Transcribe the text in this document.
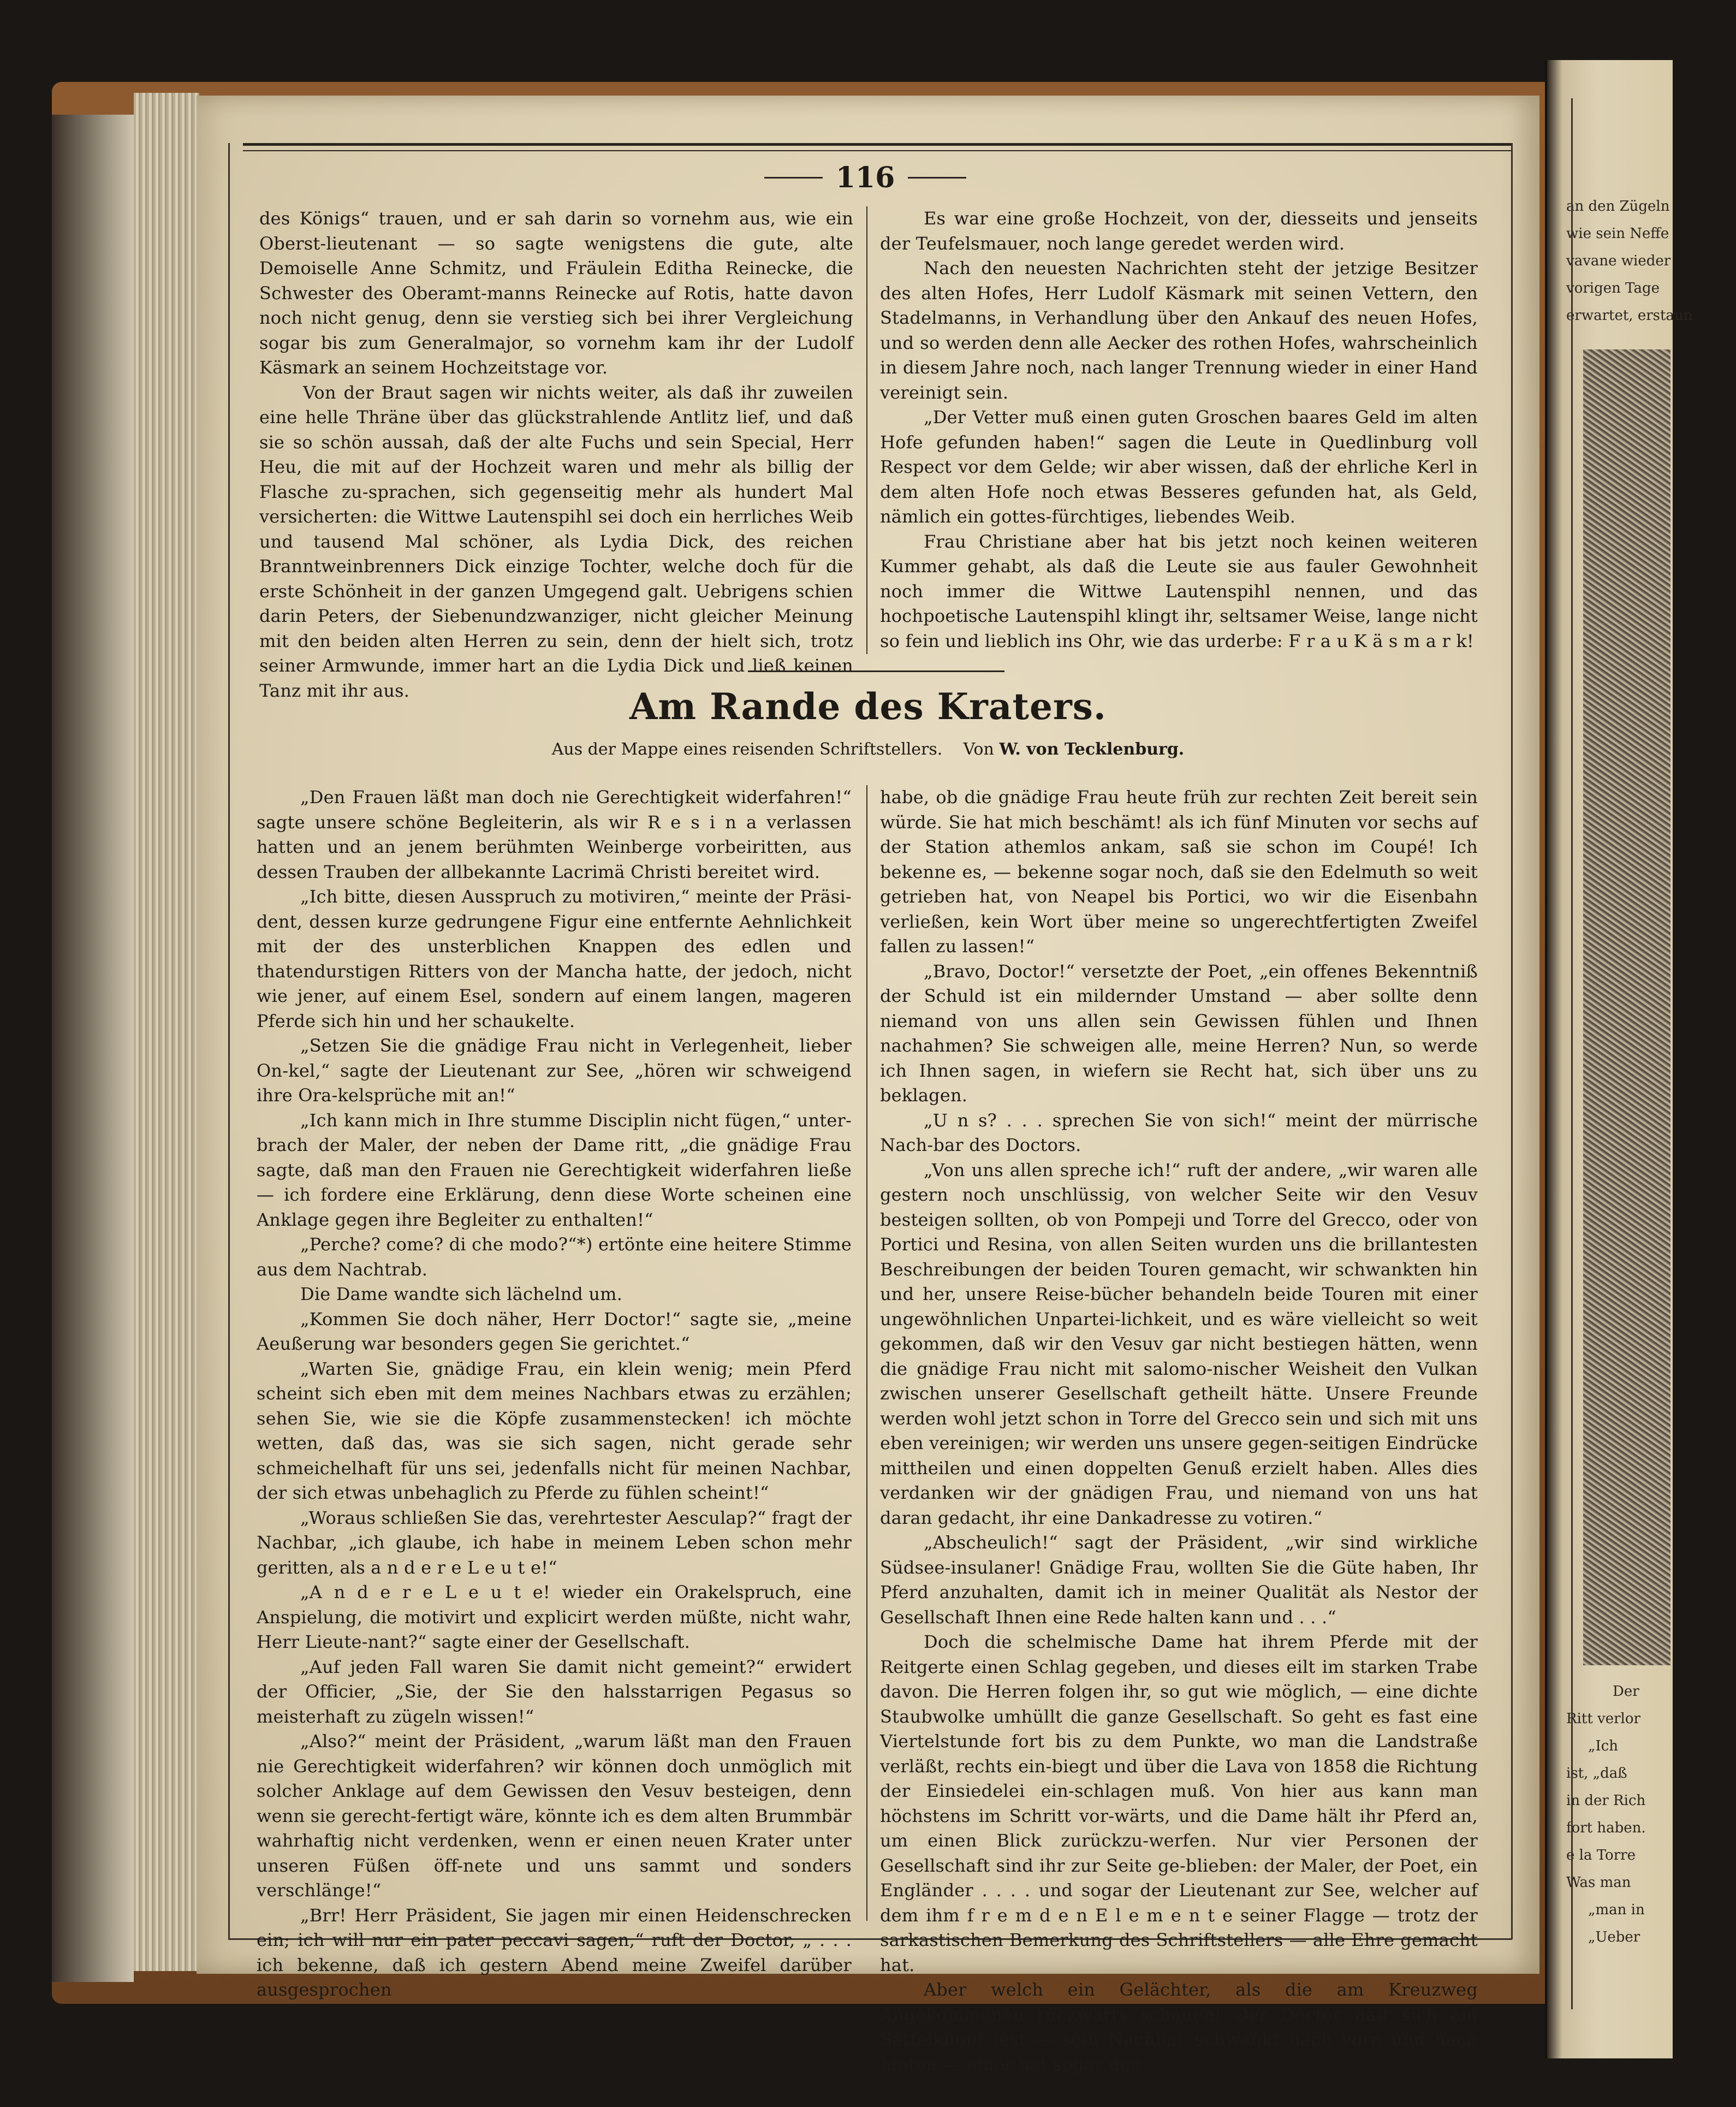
116

des Königs“ trauen, und er sah darin so vornehm aus, wie ein Oberst-lieutenant — so sagte wenigstens die gute, alte Demoiselle Anne Schmitz, und Fräulein Editha Reinecke, die Schwester des Oberamt-manns Reinecke auf Rotis, hatte davon noch nicht genug, denn sie verstieg sich bei ihrer Vergleichung sogar bis zum Generalmajor, so vornehm kam ihr der Ludolf Käsmark an seinem Hochzeitstage vor.

Von der Braut sagen wir nichts weiter, als daß ihr zuweilen eine helle Thräne über das glückstrahlende Antlitz lief, und daß sie so schön aussah, daß der alte Fuchs und sein Special, Herr Heu, die mit auf der Hochzeit waren und mehr als billig der Flasche zu-sprachen, sich gegenseitig mehr als hundert Mal versicherten: die Wittwe Lautenspihl sei doch ein herrliches Weib und tausend Mal schöner, als Lydia Dick, des reichen Branntweinbrenners Dick einzige Tochter, welche doch für die erste Schönheit in der ganzen Umgegend galt. Uebrigens schien darin Peters, der Siebenundzwanziger, nicht gleicher Meinung mit den beiden alten Herren zu sein, denn der hielt sich, trotz seiner Armwunde, immer hart an die Lydia Dick und ließ keinen Tanz mit ihr aus.

Es war eine große Hochzeit, von der, diesseits und jenseits der Teufelsmauer, noch lange geredet werden wird.

Nach den neuesten Nachrichten steht der jetzige Besitzer des alten Hofes, Herr Ludolf Käsmark mit seinen Vettern, den Stadelmanns, in Verhandlung über den Ankauf des neuen Hofes, und so werden denn alle Aecker des rothen Hofes, wahrscheinlich in diesem Jahre noch, nach langer Trennung wieder in einer Hand vereinigt sein.

„Der Vetter muß einen guten Groschen baares Geld im alten Hofe gefunden haben!“ sagen die Leute in Quedlinburg voll Respect vor dem Gelde; wir aber wissen, daß der ehrliche Kerl in dem alten Hofe noch etwas Besseres gefunden hat, als Geld, nämlich ein gottes-fürchtiges, liebendes Weib.

Frau Christiane aber hat bis jetzt noch keinen weiteren Kummer gehabt, als daß die Leute sie aus fauler Gewohnheit noch immer die Wittwe Lautenspihl nennen, und das hochpoetische Lautenspihl klingt ihr, seltsamer Weise, lange nicht so fein und lieblich ins Ohr, wie das urderbe: F r a u K ä s m a r k!

Am Rande des Kraters.
Aus der Mappe eines reisenden Schriftstellers. Von W. von Tecklenburg.

„Den Frauen läßt man doch nie Gerechtigkeit widerfahren!“ sagte unsere schöne Begleiterin, als wir R e s i n a verlassen hatten und an jenem berühmten Weinberge vorbeiritten, aus dessen Trauben der allbekannte Lacrimä Christi bereitet wird.

„Ich bitte, diesen Ausspruch zu motiviren,“ meinte der Präsi-dent, dessen kurze gedrungene Figur eine entfernte Aehnlichkeit mit der des unsterblichen Knappen des edlen und thatendurstigen Ritters von der Mancha hatte, der jedoch, nicht wie jener, auf einem Esel, sondern auf einem langen, mageren Pferde sich hin und her schaukelte.

„Setzen Sie die gnädige Frau nicht in Verlegenheit, lieber On-kel,“ sagte der Lieutenant zur See, „hören wir schweigend ihre Ora-kelsprüche mit an!“

„Ich kann mich in Ihre stumme Disciplin nicht fügen,“ unter-brach der Maler, der neben der Dame ritt, „die gnädige Frau sagte, daß man den Frauen nie Gerechtigkeit widerfahren ließe — ich fordere eine Erklärung, denn diese Worte scheinen eine Anklage gegen ihre Begleiter zu enthalten!“

„Perche? come? di che modo?“*) ertönte eine heitere Stimme aus dem Nachtrab.

Die Dame wandte sich lächelnd um.

„Kommen Sie doch näher, Herr Doctor!“ sagte sie, „meine Aeußerung war besonders gegen Sie gerichtet.“

„Warten Sie, gnädige Frau, ein klein wenig; mein Pferd scheint sich eben mit dem meines Nachbars etwas zu erzählen; sehen Sie, wie sie die Köpfe zusammenstecken! ich möchte wetten, daß das, was sie sich sagen, nicht gerade sehr schmeichelhaft für uns sei, jedenfalls nicht für meinen Nachbar, der sich etwas unbehaglich zu Pferde zu fühlen scheint!“

„Woraus schließen Sie das, verehrtester Aesculap?“ fragt der Nachbar, „ich glaube, ich habe in meinem Leben schon mehr geritten, als a n d e r e L e u t e!“

„A n d e r e L e u t e! wieder ein Orakelspruch, eine Anspielung, die motivirt und explicirt werden müßte, nicht wahr, Herr Lieute-nant?“ sagte einer der Gesellschaft.

„Auf jeden Fall waren Sie damit nicht gemeint?“ erwidert der Officier, „Sie, der Sie den halsstarrigen Pegasus so meisterhaft zu zügeln wissen!“

„Also?“ meint der Präsident, „warum läßt man den Frauen nie Gerechtigkeit widerfahren? wir können doch unmöglich mit solcher Anklage auf dem Gewissen den Vesuv besteigen, denn wenn sie gerecht-fertigt wäre, könnte ich es dem alten Brummbär wahrhaftig nicht verdenken, wenn er einen neuen Krater unter unseren Füßen öff-nete und uns sammt und sonders verschlänge!“

„Brr! Herr Präsident, Sie jagen mir einen Heidenschrecken ein; ich will nur ein pater peccavi sagen,“ ruft der Doctor, „ . . . ich bekenne, daß ich gestern Abend meine Zweifel darüber ausgesprochen

habe, ob die gnädige Frau heute früh zur rechten Zeit bereit sein würde. Sie hat mich beschämt! als ich fünf Minuten vor sechs auf der Station athemlos ankam, saß sie schon im Coupé! Ich bekenne es, — bekenne sogar noch, daß sie den Edelmuth so weit getrieben hat, von Neapel bis Portici, wo wir die Eisenbahn verließen, kein Wort über meine so ungerechtfertigten Zweifel fallen zu lassen!“

„Bravo, Doctor!“ versetzte der Poet, „ein offenes Bekenntniß der Schuld ist ein mildernder Umstand — aber sollte denn niemand von uns allen sein Gewissen fühlen und Ihnen nachahmen? Sie schweigen alle, meine Herren? Nun, so werde ich Ihnen sagen, in wiefern sie Recht hat, sich über uns zu beklagen.

„U n s? . . . sprechen Sie von sich!“ meint der mürrische Nach-bar des Doctors.

„Von uns allen spreche ich!“ ruft der andere, „wir waren alle gestern noch unschlüssig, von welcher Seite wir den Vesuv besteigen sollten, ob von Pompeji und Torre del Grecco, oder von Portici und Resina, von allen Seiten wurden uns die brillantesten Beschreibungen der beiden Touren gemacht, wir schwankten hin und her, unsere Reise-bücher behandeln beide Touren mit einer ungewöhnlichen Unpartei-lichkeit, und es wäre vielleicht so weit gekommen, daß wir den Vesuv gar nicht bestiegen hätten, wenn die gnädige Frau nicht mit salomo-nischer Weisheit den Vulkan zwischen unserer Gesellschaft getheilt hätte. Unsere Freunde werden wohl jetzt schon in Torre del Grecco sein und sich mit uns eben vereinigen; wir werden uns unsere gegen-seitigen Eindrücke mittheilen und einen doppelten Genuß erzielt haben. Alles dies verdanken wir der gnädigen Frau, und niemand von uns hat daran gedacht, ihr eine Dankadresse zu votiren.“

„Abscheulich!“ sagt der Präsident, „wir sind wirkliche Südsee-insulaner! Gnädige Frau, wollten Sie die Güte haben, Ihr Pferd anzuhalten, damit ich in meiner Qualität als Nestor der Gesellschaft Ihnen eine Rede halten kann und . . .“

Doch die schelmische Dame hat ihrem Pferde mit der Reitgerte einen Schlag gegeben, und dieses eilt im starken Trabe davon. Die Herren folgen ihr, so gut wie möglich, — eine dichte Staubwolke umhüllt die ganze Gesellschaft. So geht es fast eine Viertelstunde fort bis zu dem Punkte, wo man die Landstraße verläßt, rechts ein-biegt und über die Lava von 1858 die Richtung der Einsiedelei ein-schlagen muß. Von hier aus kann man höchstens im Schritt vor-wärts, und die Dame hält ihr Pferd an, um einen Blick zurückzu-werfen. Nur vier Personen der Gesellschaft sind ihr zur Seite ge-blieben: der Maler, der Poet, ein Engländer . . . . und sogar der Lieutenant zur See, welcher auf dem ihm f r e m d e n E l e m e n t e seiner Flagge — trotz der sarkastischen Bemerkung des Schriftstellers — alle Ehre gemacht hat.

Aber welch ein Gelächter, als die am Kreuzweg Angekommenen rückwärts schauen! Der Doctor hält sich am Sattelknopf fest — sein Nachbar schwankt nach vorn und nach hinten — einer hat sogar den

an den Zügeln
wie sein Neffe
vavane wieder
vorigen Tage
erwartet, erstaun
Der
Ritt verlor
„Ich
ist, „daß
in der Rich
fort haben.
e la Torre
Was man
„man in
„Ueber
